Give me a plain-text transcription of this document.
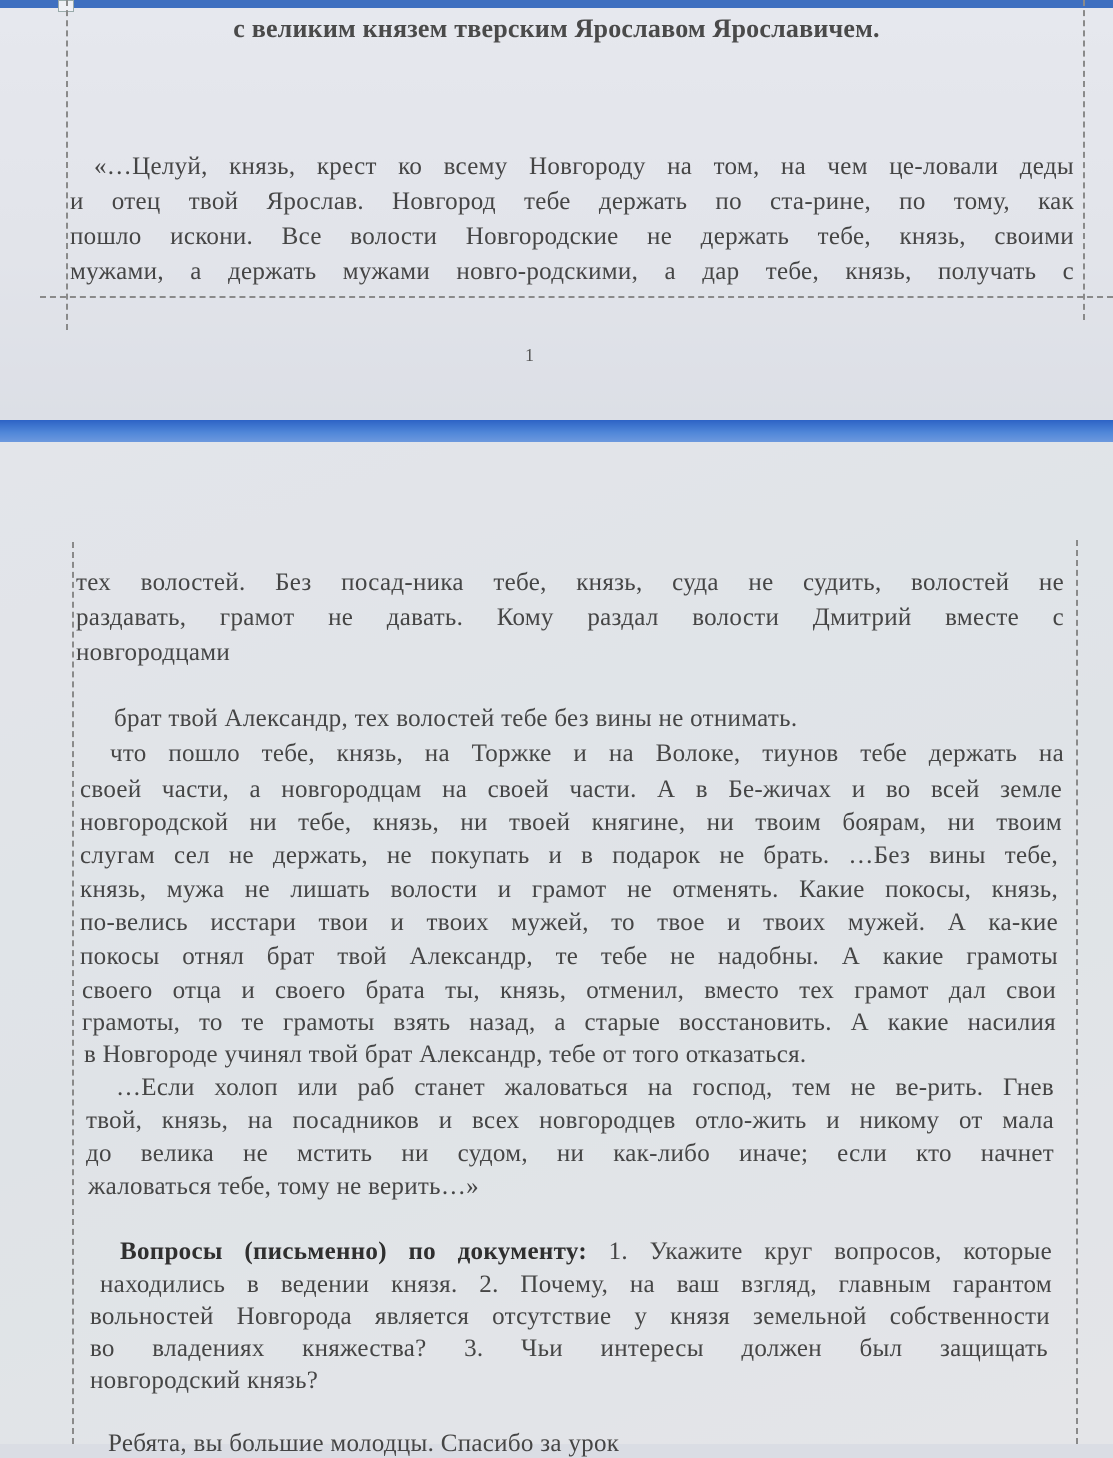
с великим князем тверским Ярославом Ярославичем.
«…Целуй, князь, крест ко всему Новгороду на том, на чем це-ловали деды
и отец твой Ярослав. Новгород тебе держать по ста-рине, по тому, как
пошло искони. Все волости Новгородские не держать тебе, князь, своими
мужами, а держать мужами новго-родскими, а дар тебе, князь, получать с
1
тех волостей. Без посад-ника тебе, князь, суда не судить, волостей не
раздавать, грамот не давать. Кому раздал волости Дмитрий вместе с
новгородцами
брат твой Александр, тех волостей тебе без вины не отнимать.
что пошло тебе, князь, на Торжке и на Волоке, тиунов тебе держать на
своей части, а новгородцам на своей части. А в Бе-жичах и во всей земле
новгородской ни тебе, князь, ни твоей княгине, ни твоим боярам, ни твоим
слугам сел не держать, не покупать и в подарок не брать. …Без вины тебе,
князь, мужа не лишать волости и грамот не отменять. Какие покосы, князь,
по-велись исстари твои и твоих мужей, то твое и твоих мужей. А ка-кие
покосы отнял брат твой Александр, те тебе не надобны. А какие грамоты
своего отца и своего брата ты, князь, отменил, вместо тех грамот дал свои
грамоты, то те грамоты взять назад, а старые восстановить. А какие насилия
в Новгороде учинял твой брат Александр, тебе от того отказаться.
…Если холоп или раб станет жаловаться на господ, тем не ве-рить. Гнев
твой, князь, на посадников и всех новгородцев отло-жить и никому от мала
до велика не мстить ни судом, ни как-либо иначе; если кто начнет
жаловаться тебе, тому не верить…»
Вопросы (письменно) по документу: 1. Укажите круг вопросов, которые
находились в ведении князя. 2. Почему, на ваш взгляд, главным гарантом
вольностей Новгорода является отсутствие у князя земельной собственности
во владениях княжества? 3. Чьи интересы должен был защищать
новгородский князь?
Ребята, вы большие молодцы. Спасибо за урок
